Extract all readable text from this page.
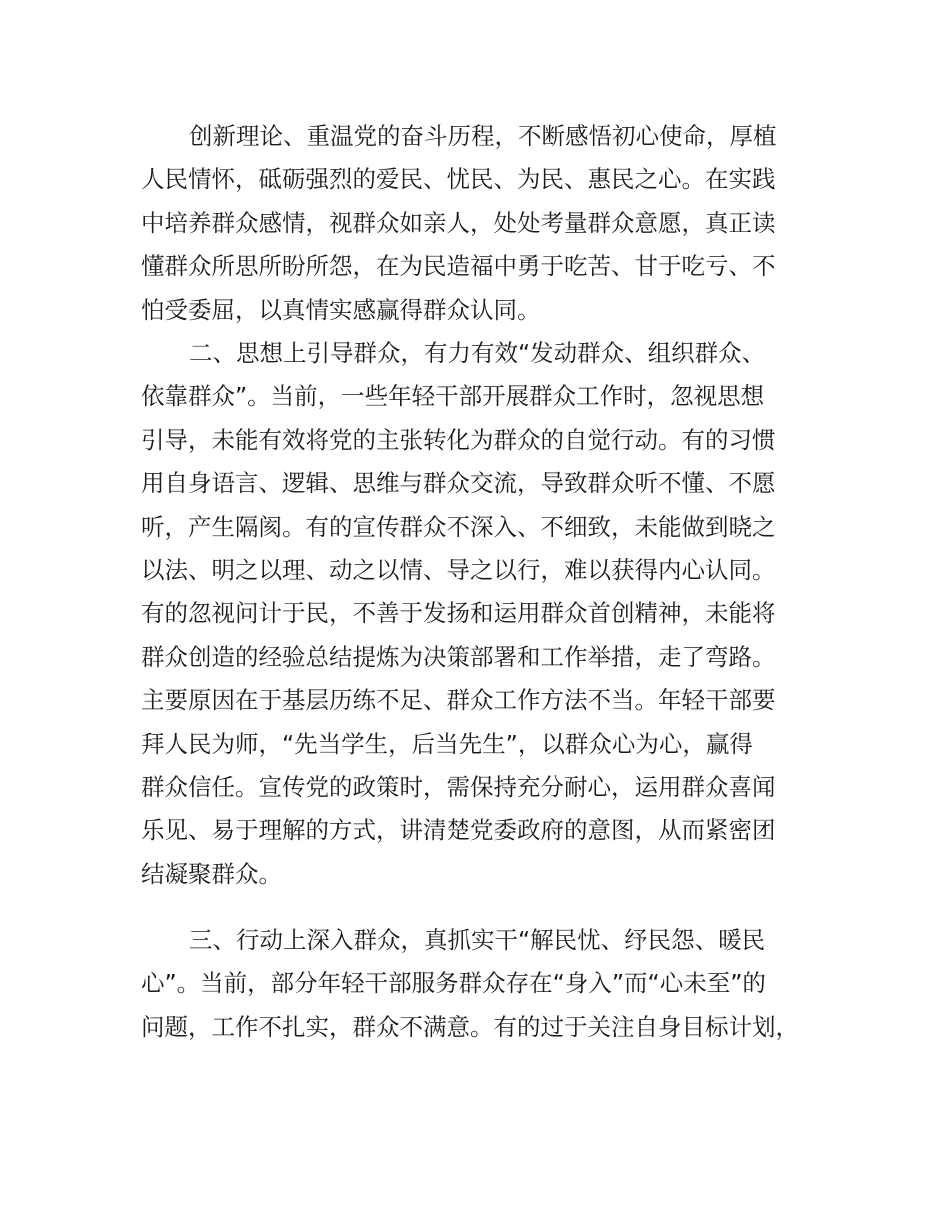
创新理论、重温党的奋斗历程，不断感悟初心使命，厚植
人民情怀，砥砺强烈的爱民、忧民、为民、惠民之心。在实践
中培养群众感情，视群众如亲人，处处考量群众意愿，真正读
懂群众所思所盼所怨，在为民造福中勇于吃苦、甘于吃亏、不
怕受委屈，以真情实感赢得群众认同。
二、思想上引导群众，有力有效“发动群众、组织群众、
依靠群众”。当前，一些年轻干部开展群众工作时，忽视思想
引导，未能有效将党的主张转化为群众的自觉行动。有的习惯
用自身语言、逻辑、思维与群众交流，导致群众听不懂、不愿
听，产生隔阂。有的宣传群众不深入、不细致，未能做到晓之
以法、明之以理、动之以情、导之以行，难以获得内心认同。
有的忽视问计于民，不善于发扬和运用群众首创精神，未能将
群众创造的经验总结提炼为决策部署和工作举措，走了弯路。
主要原因在于基层历练不足、群众工作方法不当。年轻干部要
拜人民为师，“先当学生，后当先生”，以群众心为心，赢得
群众信任。宣传党的政策时，需保持充分耐心，运用群众喜闻
乐见、易于理解的方式，讲清楚党委政府的意图，从而紧密团
结凝聚群众。
三、行动上深入群众，真抓实干“解民忧、纾民怨、暖民
心”。当前，部分年轻干部服务群众存在“身入”而“心未至”的
问题，工作不扎实，群众不满意。有的过于关注自身目标计划，
